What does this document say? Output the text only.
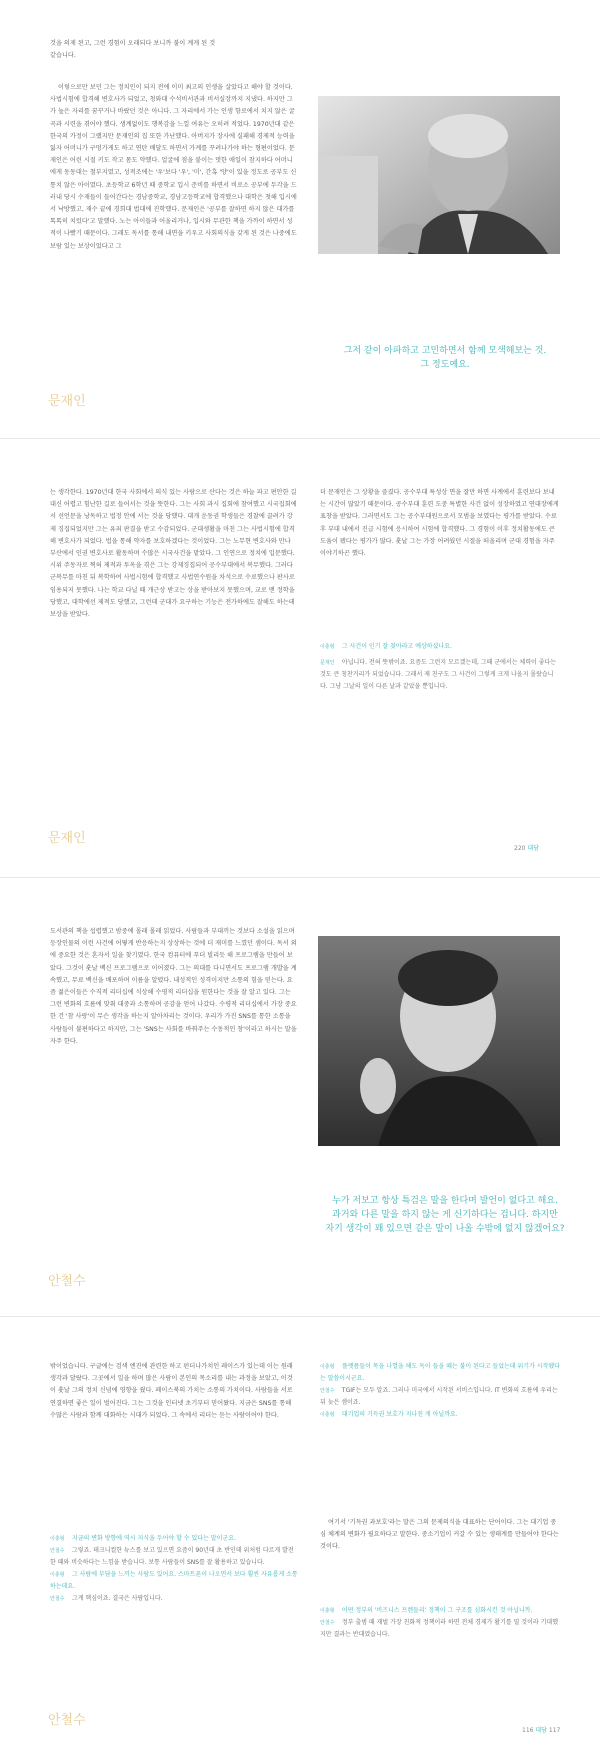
것을 의제 된고, 그런 경험이 오래되다 보니까 불이 계게 된 것
같습니다.

이렇으로만 보던 그는 정치인이 되지 전에 이미 최고의 인생을 살았다고 해야 할 것이다. 사법시험에 합격해 변호사가 되었고, 청와대 수석비서관과 비서실장까지 지냈다. 하지만 그가 높은 자리를 꿈꾸거나 바랐던 것은 아니다. 그 자리에서 가는 인생 항로에서 치지 않은 굴곡과 시련을 겪어야 했다. 생계없이도 행복감을 느낄 여유는 오히려 적었다. 1970년대 같은 한국의 가정이 그랬지만 문재인의 집 또한 가난했다. 아버지가 장사에 실패해 경제적 능력을 잃자 어머니가 구멍가게도 하고 연탄 배달도 하면서 가계를 꾸려나가야 하는 형편이었다. 문재인은 어린 시절 키도 작고 몸도 약했다. 얼굴에 점을 붙이는 멋한 애일이 참지하다 어머니에게 동동대는 철부지였고, 성적조에는 '우'보다 '우', '미', 간혹 '양'이 있을 정도로 공부도 신통치 않은 아이였다. 초등학교 6학년 때 중학교 입시 준비를 하면서 비로소 공부에 두각을 드러내 당시 수재들이 들어간다는 경남중학교, 경남고등학교에 합격했으나 대학은 첫해 입시에서 낙방했고, 재수 끝에 경희대 법대에 진학했다. 문재인은 '공부를 잘하면 하지 않은 대가를 톡톡히 치렀다'고 말했다. 노는 아이들과 어울리거나, 입시와 무관한 책을 가까이 하면서 성적이 나빴기 때문이다. 그래도 독서를 통해 내면을 키우고 사회의식을 갖게 된 것은 나중에도 보람 있는 보상이었다고 그

그저 같이 아파하고 고민하면서 함께 모색해보는 것.
그 정도예요.
문재인

는 생각한다. 1970년대 한국 사회에서 의식 있는 사람으로 산다는 것은 하늘 파고 편안한 길 대신 어렵고 힘난한 길로 들어서는 것을 뜻한다. 그는 사회 과시 집회에 참여했고 시국집회에서 선언문을 낭독하고 법정 안에 서는 것을 당했다. 대개 운동권 학생들은 경찰에 끌려가 강제 징집되었지만 그는 유죄 판결을 받고 수감되었다. 군대생활을 마친 그는 사법시험에 합격해 변호사가 되었다. 법을 통해 약자를 보호하겠다는 것이었다. 그는 노무현 변호사와 만나 부산에서 인권 변호사로 활동하며 수많은 시국사건을 맡았다. 그 인연으로 정치에 입문했다. 시위 주동자로 찍혀 제적과 투옥을 겪은 그는 강제징집되어 공수부대에서 복무했다. 그러다 군복무를 마친 뒤 복학하여 사법시험에 합격했고 사법연수원을 차석으로 수료했으나 판사로 임용되지 못했다. 나는 학교 다닐 때 개근상 받고는 상을 받아보지 못했으며, 교로 맨 정학을 당했고, 대학에선 제적도 당했고, 그런데 군대가 요구하는 기능은 전가하에도 잘해도 하는데 보상을 받았다.

더 문재인은 그 상황을 즐겼다. 공수부대 특성상 면을 잘만 하면 사계에서 훈련보다 보내는 시간이 많았기 때문이다. 공수부대 훈련 도중 특별한 사건 없이 성장하였고 연대장에게 표창을 받았다. 그러면서도 그는 공수부대원으로서 모범을 보였다는 평가를 받았다. 수료 후 부대 내에서 진급 시험에 응시하여 시험에 합격했다. 그 경험이 이후 정치활동에도 큰 도움이 됐다는 평가가 많다. 훗날 그는 가장 어려웠던 시절을 떠올리며 군대 경험을 자주 이야기하곤 했다.

이충형 그 사건이 인기 잘 찾아라고 예상하셨나요.
문재인 아닙니다. 전혀 뜻밖이죠. 요즘도 그런지 모르겠는데, 그때 군에서는 체력이 좋다는 것도 큰 칭찬거리가 되었습니다. 그래서 제 친구도 그 사건이 그렇게 크게 나올지 몰랐습니다. 그냥 그날의 일이 다른 날과 같았을 뿐입니다.
문재인
220 대담

도서관의 책을 섭렵했고 밤중에 몰래 몰래 읽었다. 사람들과 부대끼는 것보다 소설을 읽으며 등장인물의 이런 사건에 어떻게 반응하는지 상상하는 것에 더 재미를 느꼈던 셈이다. 독서 외에 중요한 것은 혼자서 일을 찾기였다. 한국 컴퓨터에 푸더 빌리듯 해 프로그램을 만들어 보았다. 그것이 훗날 백신 프로그램으로 이어졌다. 그는 의대를 다니면서도 프로그램 개발을 계속했고, 무료 백신을 배포하며 이름을 알렸다. 내성적인 성격이지만 소통의 힘을 믿는다. 요즘 젊은이들은 수직적 리더십에 식상해 수평적 리더십을 원한다는 것을 잘 알고 있다. 그는 그런 변화의 흐름에 맞춰 대중과 소통하며 공감을 얻어 나갔다. 수평적 리더십에서 가장 중요한 건 '참 사랑'이 무슨 생각을 하는지 알아차리는 것이다. 우리가 가진 SNS를 통한 소통을 사람들이 불편하다고 하지만, 그는 'SNS는 사회를 바꿔주는 수동적인 창'이라고 하시는 말을 자주 한다.

누가 저보고 항상 특검은 말을 한다며 발언이 없다고 해요.
과거와 다른 말을 하지 않는 게 신기하다는 겁니다. 하지만
자기 생각이 꽤 있으면 같은 말이 나올 수밖에 없지 않겠어요?
안철수

밖이었습니다. 구글에는 검색 엔진에 관련한 하고 펀더나가치인 레이스가 있는데 이는 원래 생각과 달랐다. 그곳에서 일을 하며 많은 사람이 본인의 목소리를 내는 과정을 보았고, 이것이 훗날 그의 정치 신념에 영향을 줬다. 페이스북의 가치는 소통의 가치이다. 사람들을 서로 연결하면 좋은 일이 벌어진다. 그는 그것을 인터넷 초기부터 믿어왔다. 지금은 SNS를 통해 수많은 사람과 함께 대화하는 시대가 되었다. 그 속에서 리더는 듣는 사람이어야 한다.

이충형 지금의 변화 방향에 역시 지식을 두어야 할 수 있다는 말이군요.
안철수 그렇죠. 테크니컬한 뉴스를 보고 있으면 요즘이 90년대 초 반인데 위처럼 다르게 발전한 때와 비슷하다는 느낌을 받습니다. 보통 사람들이 SNS를 잘 활용하고 있습니다.
이충형 그 사람에 부담을 느끼는 사람도 있어요. 스마트폰이 나오면서 보다 훨씬 자유롭게 소통하는데요.
안철수 그게 핵심이죠. 결국은 사람입니다.
이충형 플랫폼들이 목을 나열을 해도 독이 들을 때는 불이 된다고 들었는데 위기가 시작됐다는 말씀이시군요.
안철수 TGIF는 모두 알죠. 그러나 미국에서 시작된 서비스입니다. IT 변화의 흐름에 우리는 뒤 늦은 셈이죠.
이충형 대기업의 기득권 보호가 지나친 게 아닐까요.

여기서 '기득권 과보호'라는 말은 그의 문제의식을 대표하는 단어이다. 그는 대기업 중심 체계의 변화가 필요하다고 말한다. 중소기업이 커갈 수 있는 생태계를 만들어야 한다는 것이다.

이충형 어떤 정부의 '비즈니스 프렌들리' 정책이 그 구조를 심화시킨 것 아닙니까.
안철수 정부 출범 때 재벌 가장 친화적 정책이라 하면 전체 경제가 활기를 띨 것이라 기대했지만 결과는 반대였습니다.
안철수
116 대담 117
